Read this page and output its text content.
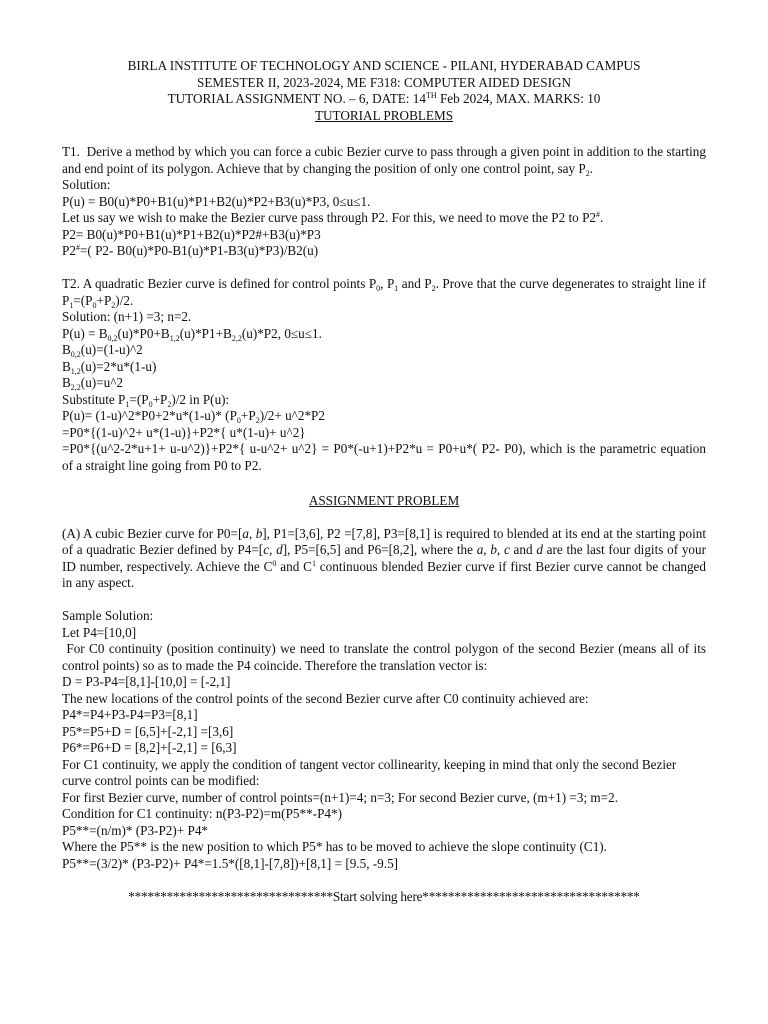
BIRLA INSTITUTE OF TECHNOLOGY AND SCIENCE - PILANI, HYDERABAD CAMPUS
SEMESTER II, 2023-2024, ME F318: COMPUTER AIDED DESIGN
TUTORIAL ASSIGNMENT NO. – 6, DATE: 14TH Feb 2024, MAX. MARKS: 10
TUTORIAL PROBLEMS
T1.  Derive a method by which you can force a cubic Bezier curve to pass through a given point in addition to the starting and end point of its polygon. Achieve that by changing the position of only one control point, say $P_2$.
Solution:
P(u) = B0(u)*P0+B1(u)*P1+B2(u)*P2+B3(u)*P3, 0≤u≤1.
Let us say we wish to make the Bezier curve pass through P2. For this, we need to move the P2 to P2#.
P2= B0(u)*P0+B1(u)*P1+B2(u)*P2#+B3(u)*P3
P2#=( P2- B0(u)*P0-B1(u)*P1-B3(u)*P3)/B2(u)
T2. A quadratic Bezier curve is defined for control points $P_0$, $P_1$ and $P_2$. Prove that the curve degenerates to straight line if $P_1=(P_0+P_2)/2$.
Solution: (n+1) =3; n=2.
$P(u) = B_{0,2}(u)*P0+B_{1,2}(u)*P1+B_{2,2}(u)*P2$, 0≤u≤1.
$B_{0,2}(u)=(1-u)\^{}2$
$B_{1,2}(u)=2*u*(1-u)$
$B_{2,2}(u)=u\^{}2$
Substitute $P_1=(P_0+P_2)/2$ in P(u):
P(u)= (1-u)^2*P0+2*u*(1-u)* $(P_0+P_2)/2+$ u^2*P2
=P0*{(1-u)^2+ u*(1-u)}+P2*{ u*(1-u)+ u^2}
=P0*{(u^2-2*u+1+ u-u^2)}+P2*{ u-u^2+ u^2} = P0*(-u+1)+P2*u = P0+u*( P2- P0), which is the parametric equation of a straight line going from P0 to P2.
ASSIGNMENT PROBLEM
(A) A cubic Bezier curve for P0=[a, b], P1=[3,6], P2 =[7,8], P3=[8,1] is required to blended at its end at the starting point of a quadratic Bezier defined by P4=[c, d], P5=[6,5] and P6=[8,2], where the a, b, c and d are the last four digits of your ID number, respectively. Achieve the $C^0$ and $C^1$ continuous blended Bezier curve if first Bezier curve cannot be changed in any aspect.
Sample Solution:
Let P4=[10,0]
For C0 continuity (position continuity) we need to translate the control polygon of the second Bezier (means all of its control points) so as to made the P4 coincide. Therefore the translation vector is:
D = P3-P4=[8,1]-[10,0] = [-2,1]
The new locations of the control points of the second Bezier curve after C0 continuity achieved are:
P4*=P4+P3-P4=P3=[8,1]
P5*=P5+D = [6,5]+[-2,1] =[3,6]
P6*=P6+D = [8,2]+[-2,1] = [6,3]
For C1 continuity, we apply the condition of tangent vector collinearity, keeping in mind that only the second Bezier curve control points can be modified:
For first Bezier curve, number of control points=(n+1)=4; n=3; For second Bezier curve, (m+1) =3; m=2.
Condition for C1 continuity: n(P3-P2)=m(P5**-P4*)
P5**=(n/m)* (P3-P2)+ P4*
Where the P5** is the new position to which P5* has to be moved to achieve the slope continuity (C1).
P5**=(3/2)* (P3-P2)+ P4*=1.5*([8,1]-[7,8])+[8,1] = [9.5, -9.5]
********************************Start solving here**********************************
